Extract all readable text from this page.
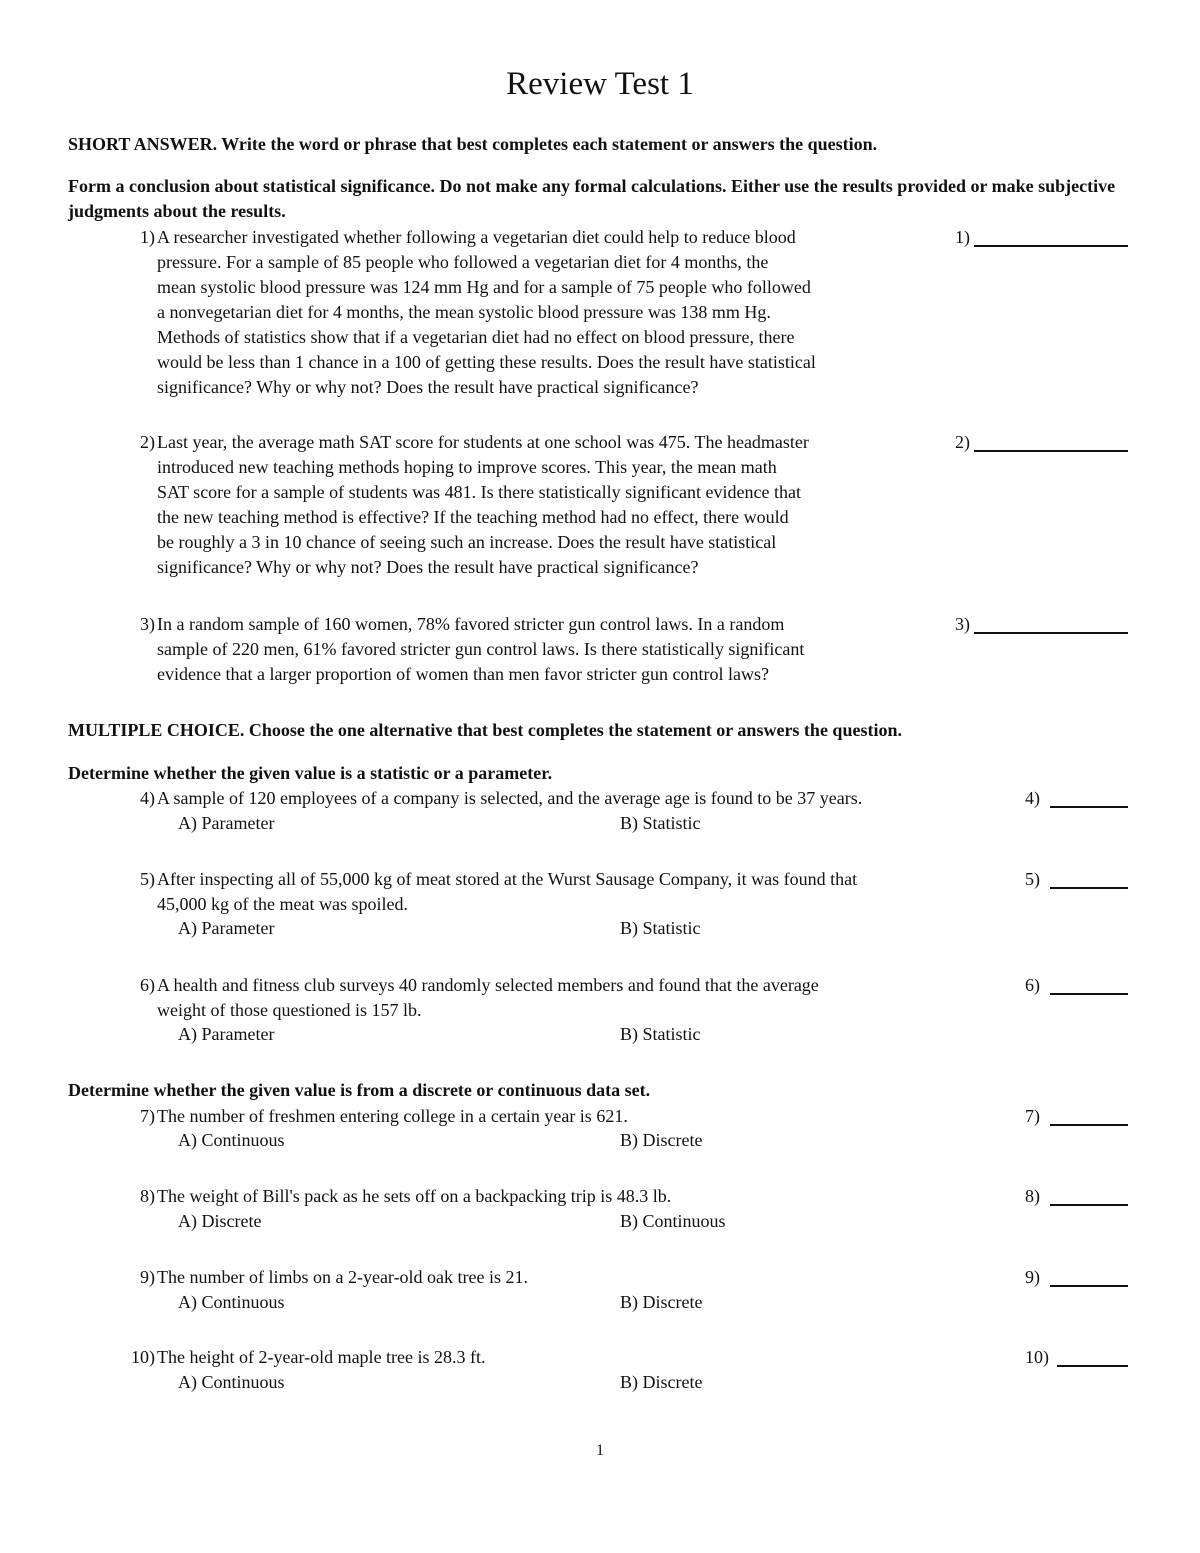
Review Test 1
SHORT ANSWER. Write the word or phrase that best completes each statement or answers the question.
Form a conclusion about statistical significance. Do not make any formal calculations. Either use the results provided or make subjective judgments about the results.
1) A researcher investigated whether following a vegetarian diet could help to reduce blood
pressure. For a sample of 85 people who followed a vegetarian diet for 4 months, the
mean systolic blood pressure was 124 mm Hg and for a sample of 75 people who followed
a nonvegetarian diet for 4 months, the mean systolic blood pressure was 138 mm Hg.
Methods of statistics show that if a vegetarian diet had no effect on blood pressure, there
would be less than 1 chance in a 100 of getting these results. Does the result have statistical
significance? Why or why not? Does the result have practical significance?
1)
2) Last year, the average math SAT score for students at one school was 475. The headmaster
introduced new teaching methods hoping to improve scores. This year, the mean math
SAT score for a sample of students was 481. Is there statistically significant evidence that
the new teaching method is effective? If the teaching method had no effect, there would
be roughly a 3 in 10 chance of seeing such an increase. Does the result have statistical
significance? Why or why not? Does the result have practical significance?
2)
3) In a random sample of 160 women, 78% favored stricter gun control laws. In a random
sample of 220 men, 61% favored stricter gun control laws. Is there statistically significant
evidence that a larger proportion of women than men favor stricter gun control laws?
3)
MULTIPLE CHOICE. Choose the one alternative that best completes the statement or answers the question.
Determine whether the given value is a statistic or a parameter.
4) A sample of 120 employees of a company is selected, and the average age is found to be 37 years.
A) Parameter	B) Statistic
4)
5) After inspecting all of 55,000 kg of meat stored at the Wurst Sausage Company, it was found that
45,000 kg of the meat was spoiled.
A) Parameter	B) Statistic
5)
6) A health and fitness club surveys 40 randomly selected members and found that the average
weight of those questioned is 157 lb.
A) Parameter	B) Statistic
6)
Determine whether the given value is from a discrete or continuous data set.
7) The number of freshmen entering college in a certain year is 621.
A) Continuous	B) Discrete
7)
8) The weight of Bill's pack as he sets off on a backpacking trip is 48.3 lb.
A) Discrete	B) Continuous
8)
9) The number of limbs on a 2-year-old oak tree is 21.
A) Continuous	B) Discrete
9)
10) The height of 2-year-old maple tree is 28.3 ft.
A) Continuous	B) Discrete
10)
1
